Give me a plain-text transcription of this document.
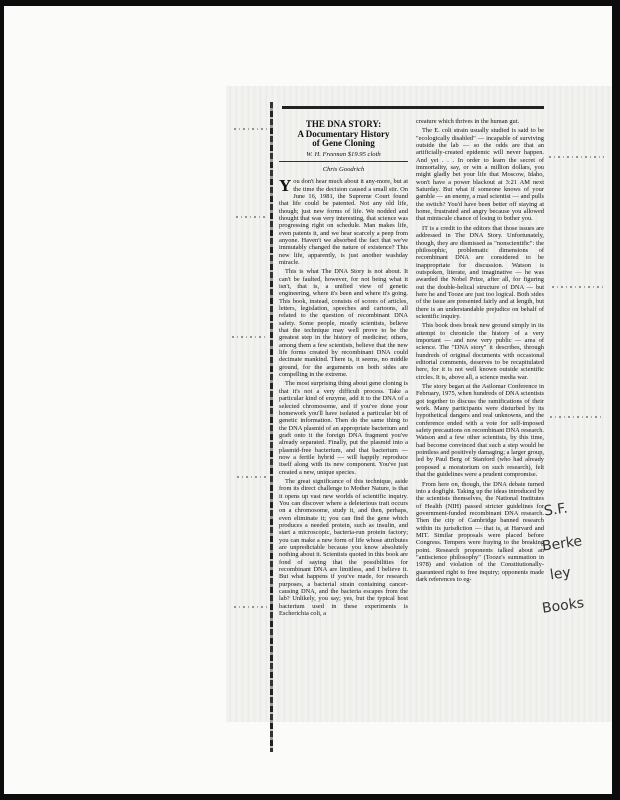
THE DNA STORY:
A Documentary History
of Gene Cloning
W. H. Freeman $19.95 cloth
Chris Goodrich

You don't hear much about it any-more, but at the time the decision caused a small stir. On June 16, 1981, the Supreme Court found that life could be patented. Not any old life, though; just new forms of life. We nodded and thought that was very interesting, that science was progressing right on schedule. Man makes life, even patents it, and we hear scarcely a peep from anyone. Haven't we absorbed the fact that we've immutably changed the nature of existence? This new life, apparently, is just another washday miracle.

This is what The DNA Story is not about. It can't be faulted, however, for not being what it isn't, that is, a unified view of genetic engineering, where it's been and where it's going. This book, instead, consists of scores of articles, letters, legislation, speeches and cartoons, all related to the question of recombinant DNA safety. Some people, mostly scientists, believe that the technique may well prove to be the greatest step in the history of medicine; others, among them a few scientists, believe that the new life forms created by recombinant DNA could decimate mankind. There is, it seems, no middle ground, for the arguments on both sides are compelling in the extreme.

The most surprising thing about gene cloning is that it's not a very difficult process. Take a particular kind of enzyme, add it to the DNA of a selected chromosome, and if you've done your homework you'll have isolated a particular bit of genetic information. Then do the same thing to the DNA plasmid of an appropriate bacterium and graft onto it the foreign DNA fragment you've already separated. Finally, put the plasmid into a plasmid-free bacterium, and that bacterium — now a fertile hybrid — will happily reproduce itself along with its new component. You've just created a new, unique species.

The great significance of this technique, aside from its direct challenge to Mother Nature, is that it opens up vast new worlds of scientific inquiry. You can discover where a deleterious trait occurs on a chromosome, study it, and then, perhaps, even eliminate it; you can find the gene which produces a needed protein, such as insulin, and start a microscopic, bacteria-run protein factory; you can make a new form of life whose attributes are unpredictable because you know absolutely nothing about it. Scientists quoted in this book are fond of saying that the possibilities for recombinant DNA are limitless, and I believe it. But what happens if you've made, for research purposes, a bacterial strain containing cancer-causing DNA, and the bacteria escapes from the lab? Unlikely, you say; yes, but the typical host bacterium used in these experiments is Escherichia coli, a

creature which thrives in the human gut.

The E. coli strain usually studied is said to be "ecologically disabled" — incapable of surviving outside the lab — so the odds are that an artificially-created epidemic will never happen. And yet . . . In order to learn the secret of immortality, say, or win a million dollars, you might gladly bet your life that Moscow, Idaho, won't have a power blackout at 3:21 AM next Saturday. But what if someone knows of your gamble — an enemy, a mad scientist — and pulls the switch? You'd have been better off staying at home, frustrated and angry because you allowed that miniscule chance of losing to bother you.

IT is a credit to the editors that those issues are addressed in The DNA Story. Unfortunately, though, they are dismissed as "nonscientific": the philosophic, problematic dimensions of recombinant DNA are considered to be inappropriate for discussion. Watson is outspoken, literate, and imaginative — he was awarded the Nobel Prize, after all, for figuring out the double-helical structure of DNA — but here he and Tooze are just too logical. Both sides of the issue are presented fairly and at length, but there is an understandable prejudice on behalf of scientific inquiry.

This book does break new ground simply in its attempt to chronicle the history of a very important — and now very public — area of science. The "DNA story" it describes, through hundreds of original documents with occasional editorial comments, deserves to be recapitulated here, for it is not well known outside scientific circles. It is, above all, a science media war.

The story began at the Asilomar Conference in February, 1975, when hundreds of DNA scientists got together to discuss the ramifications of their work. Many participants were disturbed by its hypothetical dangers and real unknowns, and the conference ended with a vote for self-imposed safety precautions on recombinant DNA research. Watson and a few other scientists, by this time, had become convinced that such a step would be pointless and positively damaging; a larger group, led by Paul Berg of Stanford (who had already proposed a moratorium on such research), felt that the guidelines were a prudent compromise.

From here on, though, the DNA debate turned into a dogfight. Taking up the ideas introduced by the scientists themselves, the National Institutes of Health (NIH) passed stricter guidelines for government-funded recombinant DNA research. Then the city of Cambridge banned research within its jurisdiction — that is, at Harvard and MIT. Similar proposals were placed before Congress. Tempers were fraying to the breaking point. Research proponents talked about an "antiscience philosophy" (Tooze's summation in 1978) and violation of the Constitutionally-guaranteed right to free inquiry; opponents made dark references to eg-

S.F.
Berke
ley
Books
